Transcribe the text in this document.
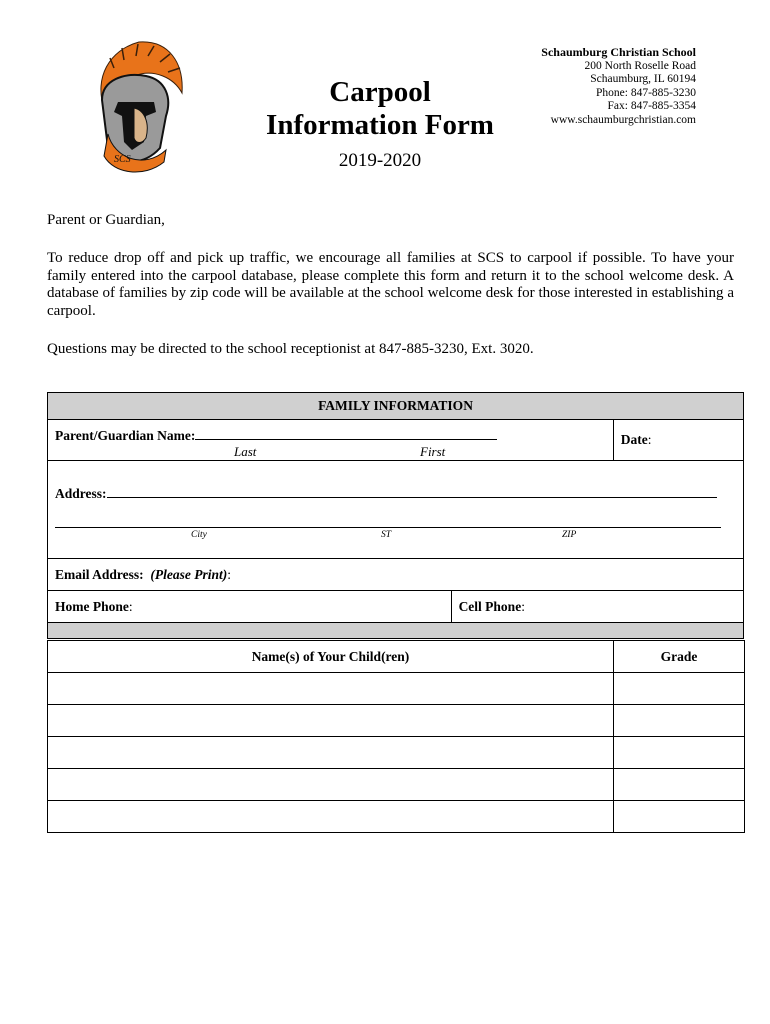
SCS
Carpool
Information Form
2019-2020
Schaumburg Christian School
200 North Roselle Road
Schaumburg, IL 60194
Phone: 847-885-3230
Fax: 847-885-3354
www.schaumburgchristian.com
Parent or Guardian,
To reduce drop off and pick up traffic, we encourage all families at SCS to carpool if possible. To have your family entered into the carpool database, please complete this form and return it to the school welcome desk. A database of families by zip code will be available at the school welcome desk for those interested in establishing a carpool.
Questions may be directed to the school receptionist at 847-885-3230, Ext. 3020.
FAMILY INFORMATION		

Parent/Guardian Name:
Last First		Date:

Address:
City ST ZIP		

Email Address: (Please Print):		

Home Phone:	Cell Phone:	

Name(s) of Your Child(ren)	Grade
